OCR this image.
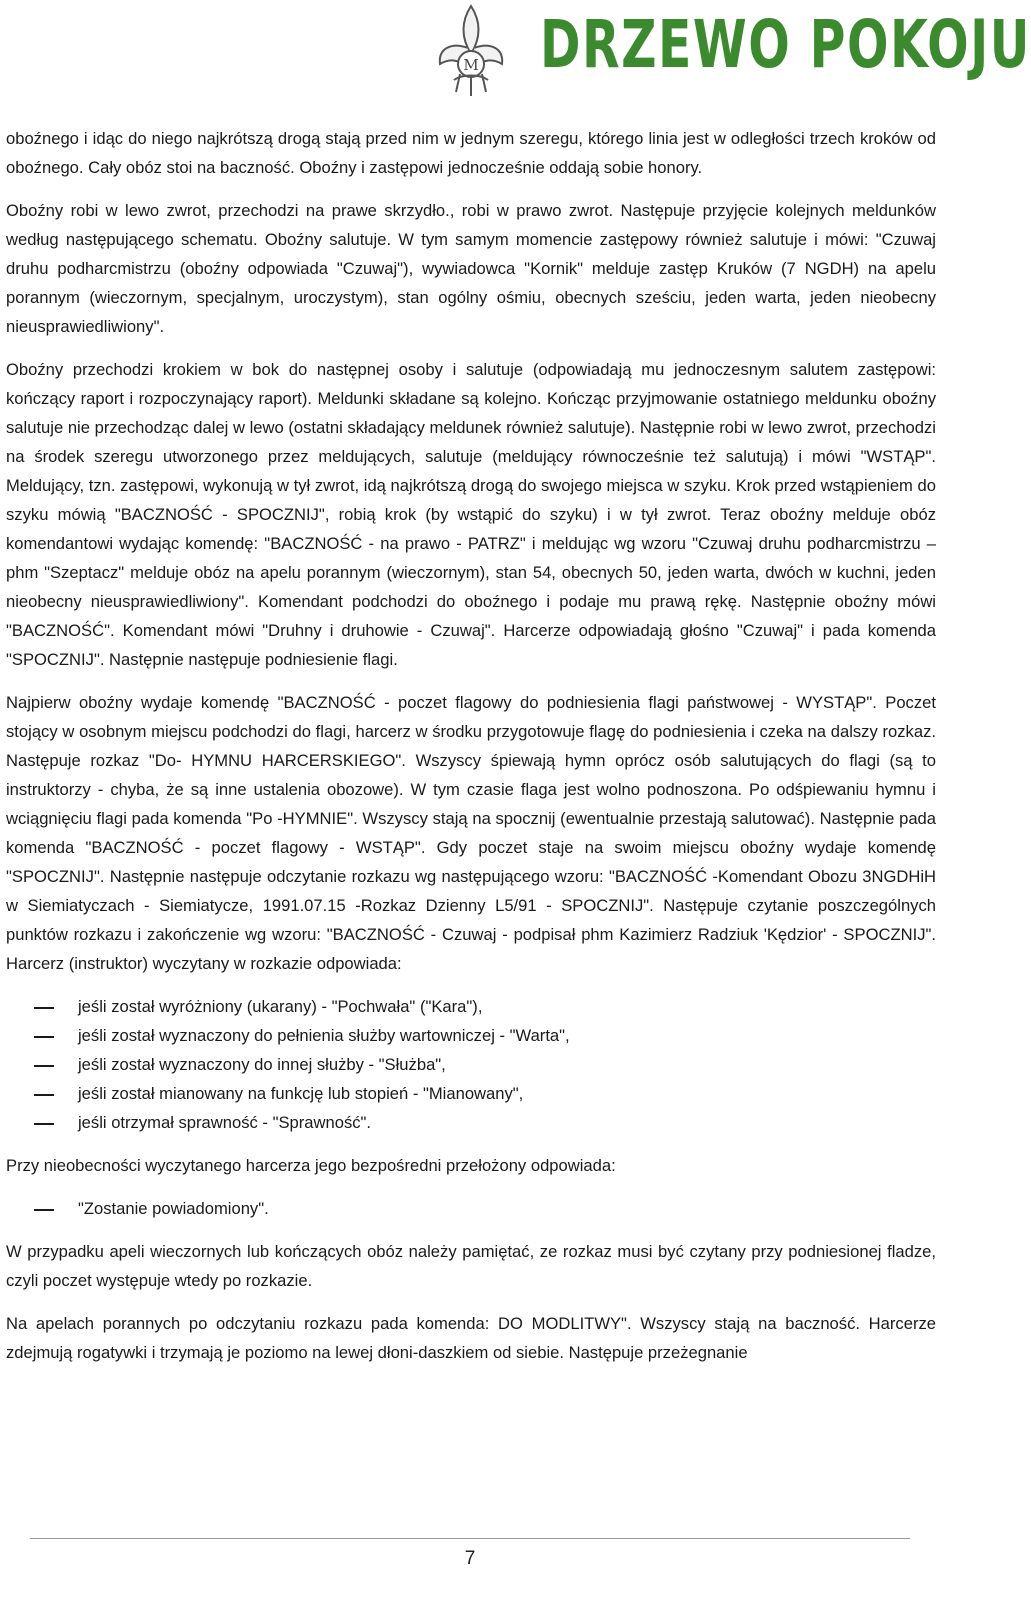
M DRZEWO POKOJU

oboźnego i idąc do niego najkrótszą drogą stają przed nim w jednym szeregu, którego linia jest w odległości trzech kroków od oboźnego. Cały obóz stoi na baczność. Oboźny i zastępowi jednocześnie oddają sobie honory.

Oboźny robi w lewo zwrot, przechodzi na prawe skrzydło., robi w prawo zwrot. Następuje przyjęcie kolejnych meldunków według następującego schematu. Oboźny salutuje. W tym samym momencie zastępowy również salutuje i mówi: "Czuwaj druhu podharcmistrzu (oboźny odpowiada "Czuwaj"), wywiadowca "Kornik" melduje zastęp Kruków (7 NGDH) na apelu porannym (wieczornym, specjalnym, uroczystym), stan ogólny ośmiu, obecnych sześciu, jeden warta, jeden nieobecny nieusprawiedliwiony".

Oboźny przechodzi krokiem w bok do następnej osoby i salutuje (odpowiadają mu jednoczesnym salutem zastępowi: kończący raport i rozpoczynający raport). Meldunki składane są kolejno. Kończąc przyjmowanie ostatniego meldunku oboźny salutuje nie przechodząc dalej w lewo (ostatni składający meldunek również salutuje). Następnie robi w lewo zwrot, przechodzi na środek szeregu utworzonego przez meldujących, salutuje (meldujący równocześnie też salutują) i mówi "WSTĄP". Meldujący, tzn. zastępowi, wykonują w tył zwrot, idą najkrótszą drogą do swojego miejsca w szyku. Krok przed wstąpieniem do szyku mówią "BACZNOŚĆ - SPOCZNIJ", robią krok (by wstąpić do szyku) i w tył zwrot. Teraz oboźny melduje obóz komendantowi wydając komendę: "BACZNOŚĆ - na prawo - PATRZ" i meldując wg wzoru "Czuwaj druhu podharcmistrzu – phm "Szeptacz" melduje obóz na apelu porannym (wieczornym), stan 54, obecnych 50, jeden warta, dwóch w kuchni, jeden nieobecny nieusprawiedliwiony". Komendant podchodzi do oboźnego i podaje mu prawą rękę. Następnie oboźny mówi "BACZNOŚĆ". Komendant mówi "Druhny i druhowie - Czuwaj". Harcerze odpowiadają głośno "Czuwaj" i pada komenda "SPOCZNIJ". Następnie następuje podniesienie flagi.

Najpierw oboźny wydaje komendę "BACZNOŚĆ - poczet flagowy do podniesienia flagi państwowej - WYSTĄP". Poczet stojący w osobnym miejscu podchodzi do flagi, harcerz w środku przygotowuje flagę do podniesienia i czeka na dalszy rozkaz. Następuje rozkaz "Do- HYMNU HARCERSKIEGO". Wszyscy śpiewają hymn oprócz osób salutujących do flagi (są to instruktorzy - chyba, że są inne ustalenia obozowe). W tym czasie flaga jest wolno podnoszona. Po odśpiewaniu hymnu i wciągnięciu flagi pada komenda "Po -HYMNIE". Wszyscy stają na spocznij (ewentualnie przestają salutować). Następnie pada komenda "BACZNOŚĆ - poczet flagowy - WSTĄP". Gdy poczet staje na swoim miejscu oboźny wydaje komendę "SPOCZNIJ". Następnie następuje odczytanie rozkazu wg następującego wzoru: "BACZNOŚĆ -Komendant Obozu 3NGDHiH w Siemiatyczach - Siemiatycze, 1991.07.15 -Rozkaz Dzienny L5/91 - SPOCZNIJ". Następuje czytanie poszczególnych punktów rozkazu i zakończenie wg wzoru: "BACZNOŚĆ - Czuwaj - podpisał phm Kazimierz Radziuk 'Kędzior' - SPOCZNIJ". Harcerz (instruktor) wyczytany w rozkazie odpowiada:

jeśli został wyróżniony (ukarany) - "Pochwała" ("Kara"),
jeśli został wyznaczony do pełnienia służby wartowniczej - "Warta",
jeśli został wyznaczony do innej służby - "Służba",
jeśli został mianowany na funkcję lub stopień - "Mianowany",
jeśli otrzymał sprawność - "Sprawność".

Przy nieobecności wyczytanego harcerza jego bezpośredni przełożony odpowiada:

"Zostanie powiadomiony".

W przypadku apeli wieczornych lub kończących obóz należy pamiętać, ze rozkaz musi być czytany przy podniesionej fladze, czyli poczet występuje wtedy po rozkazie.

Na apelach porannych po odczytaniu rozkazu pada komenda: DO MODLITWY". Wszyscy stają na baczność. Harcerze zdejmują rogatywki i trzymają je poziomo na lewej dłoni-daszkiem od siebie. Następuje przeżegnanie

7
